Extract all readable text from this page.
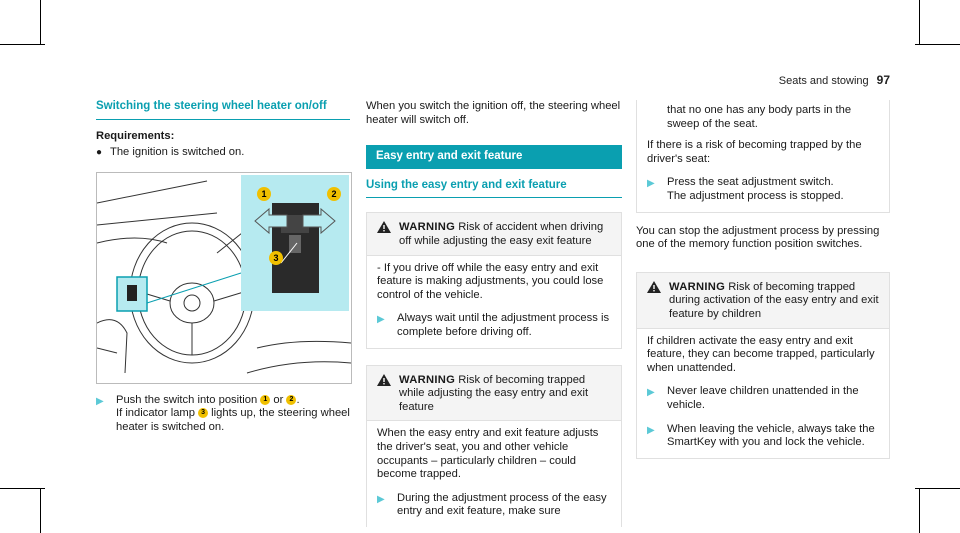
Seats and stowing 97
Switching the steering wheel heater on/off
Requirements:
● The ignition is switched on.
1	2
3
▶	Push the switch into position 1 or 2 .
If indicator lamp 3 lights up, the steering wheel heater is switched on.
When you switch the ignition off, the steering wheel heater will switch off.
Easy entry and exit feature
Using the easy entry and exit feature
WARNING Risk of accident when driving off while adjusting the easy exit feature
- If you drive off while the easy entry and exit feature is making adjustments, you could lose control of the vehicle.
▶	Always wait until the adjustment process is complete before driving off.
WARNING Risk of becoming trapped while adjusting the easy entry and exit feature
When the easy entry and exit feature adjusts the driver's seat, you and other vehicle occupants – particularly children – could become trapped.
▶	During the adjustment process of the easy entry and exit feature, make sure
that no one has any body parts in the sweep of the seat.
If there is a risk of becoming trapped by the driver's seat:
▶	Press the seat adjustment switch.
The adjustment process is stopped.
You can stop the adjustment process by pressing one of the memory function position switches.
WARNING Risk of becoming trapped during activation of the easy entry and exit feature by children
If children activate the easy entry and exit feature, they can become trapped, particularly when unattended.
▶	Never leave children unattended in the vehicle.
▶	When leaving the vehicle, always take the SmartKey with you and lock the vehicle.
